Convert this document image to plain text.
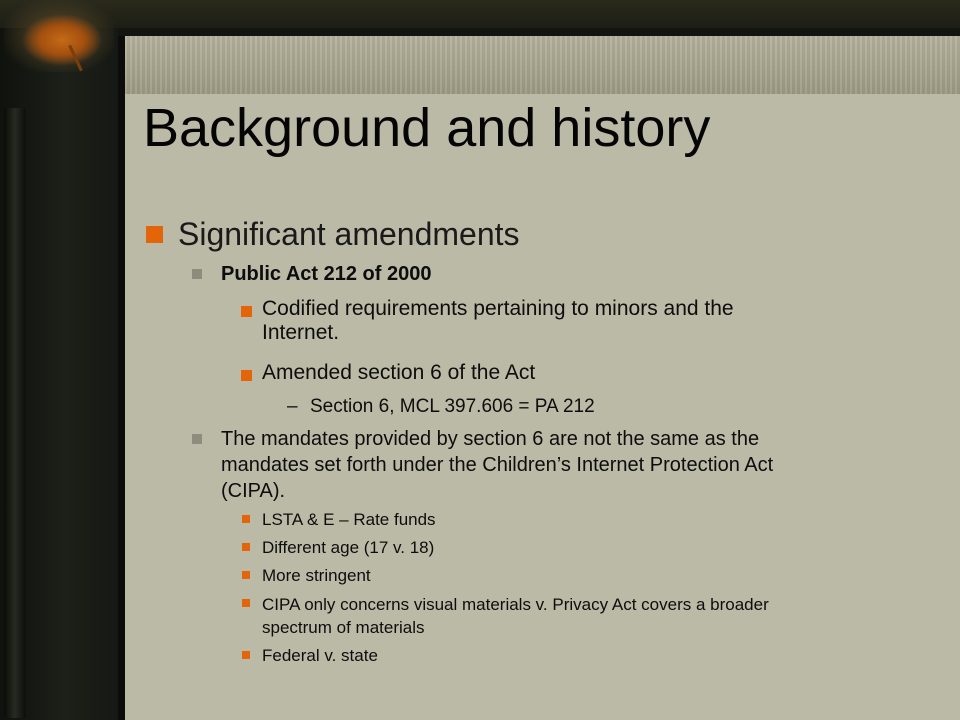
Background and history

Significant amendments

Public Act 212 of 2000

Codified requirements pertaining to minors and the

Internet.

Amended section 6 of the Act

– Section 6, MCL 397.606 = PA 212

The mandates provided by section 6 are not the same as the

mandates set forth under the Children’s Internet Protection Act

(CIPA).

LSTA & E – Rate funds

Different age (17 v. 18)

More stringent

CIPA only concerns visual materials v. Privacy Act covers a broader

spectrum of materials

Federal v. state
